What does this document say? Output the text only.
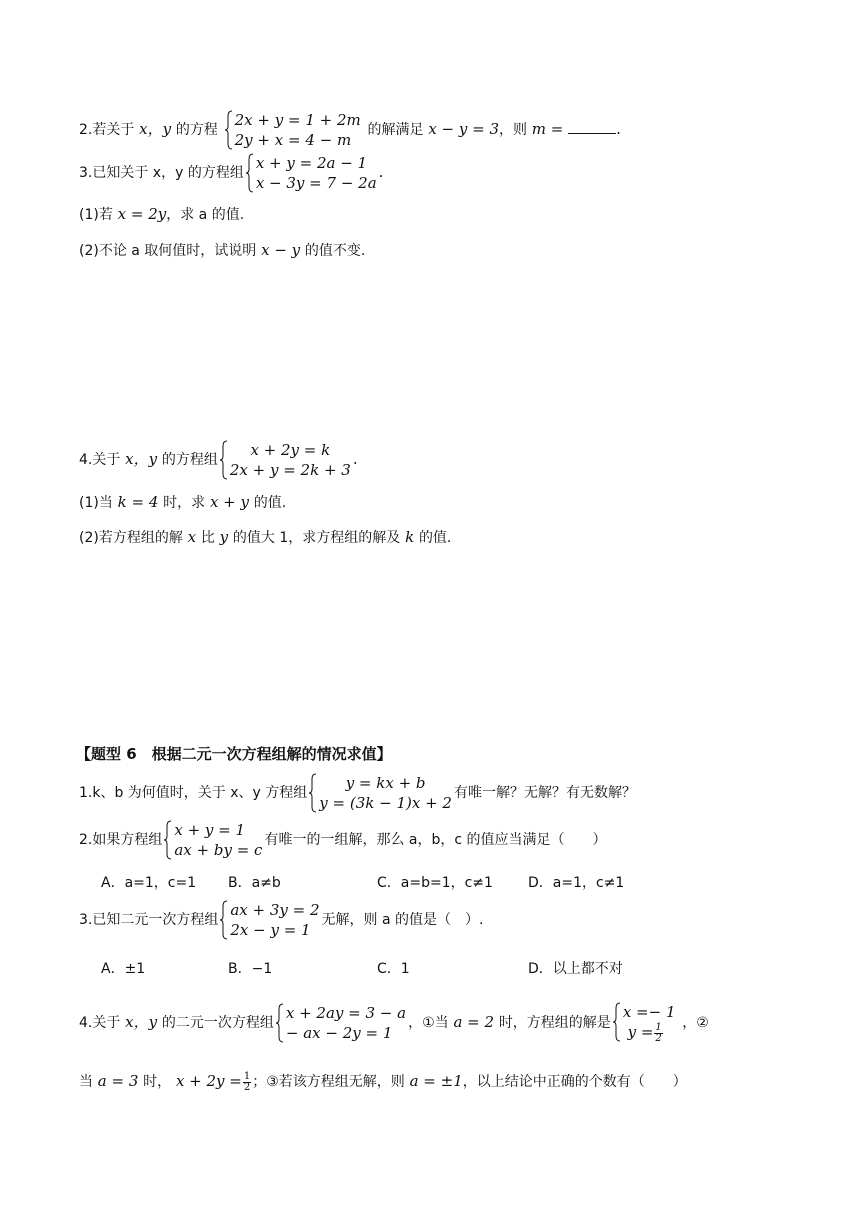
2.若关于 x，y 的方程
2x + y = 1 + 2m
2y + x = 4 − m
的解满足 x − y = 3，则 m =	.
3.已知关于 x，y 的方程组
x + y = 2a − 1
x − 3y = 7 − 2a
.
(1)若 x = 2y，求 a 的值.
(2)不论 a 取何值时，试说明 x − y 的值不变.
4.关于 x，y 的方程组
x + 2y = k
2x + y = 2k + 3
.
(1)当 k = 4 时，求 x + y 的值.
(2)若方程组的解 x 比 y 的值大 1，求方程组的解及 k 的值.
【题型 6　根据二元一次方程组解的情况求值】
1.k、b 为何值时，关于 x、y 方程组
y = kx + b
y = (3k − 1)x + 2
有唯一解？无解？有无数解？
2.如果方程组
x + y = 1
ax + by = c
有唯一的一组解，那么 a，b，c 的值应当满足（　　）
A．a=1，c=1 B．a≠b	C．a=b=1，c≠1	D．a=1，c≠1
3.已知二元一次方程组
ax + 3y = 2
2x − y = 1
无解，则 a 的值是（　）.
A．±1	B．−1	C．1	D．以上都不对
4.关于 x，y 的二元一次方程组
x + 2ay = 3 − a
− ax − 2y = 1
，①当 a = 2 时，方程组的解是
x =− 1
$y = \frac{1}{2}$ ，②
当 a = 3 时， $x + 2y = \frac{1}{2}$ ；③若该方程组无解，则 a = ±1，以上结论中正确的个数有（　　）
